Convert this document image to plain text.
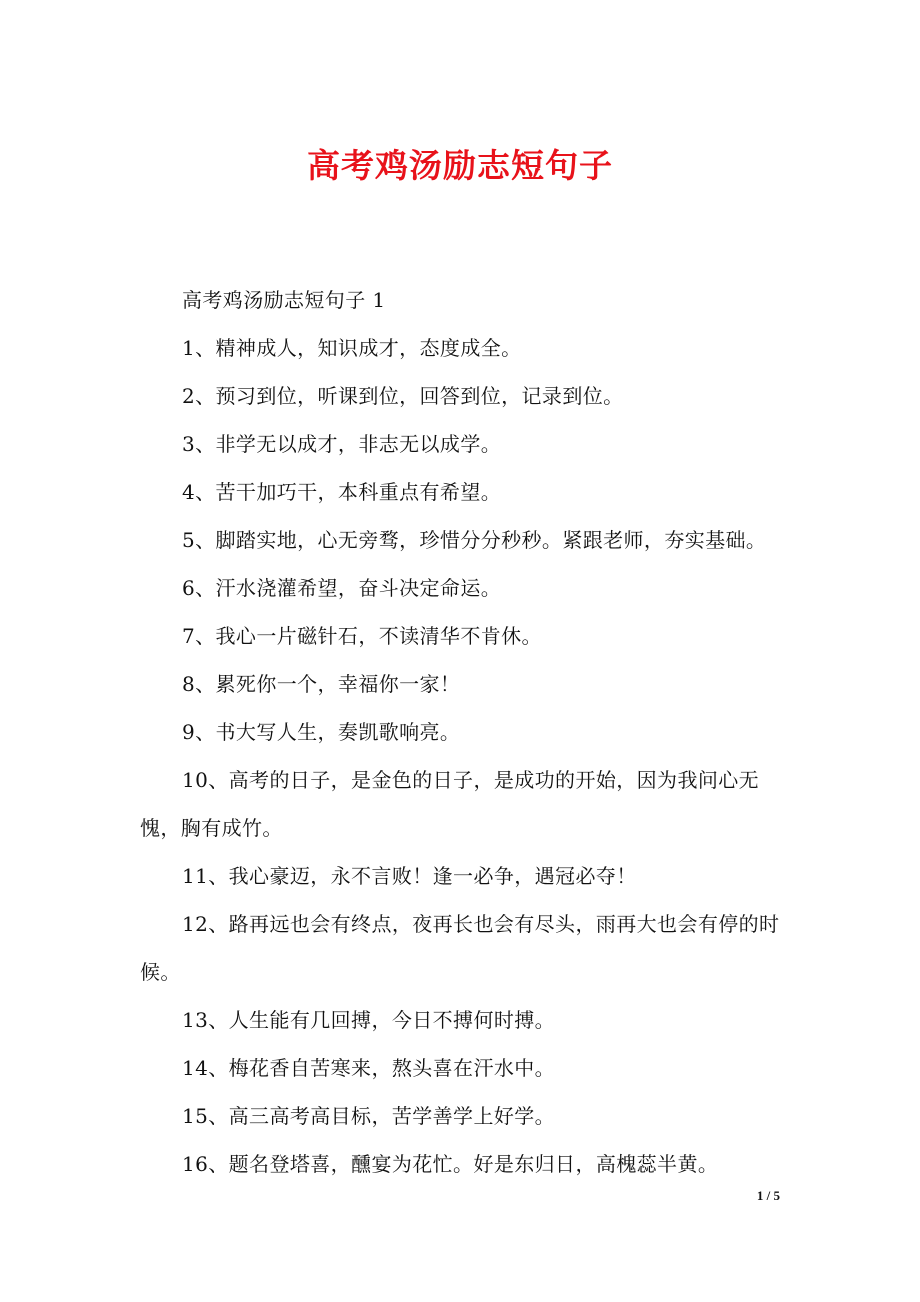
高考鸡汤励志短句子

高考鸡汤励志短句子 1

1、精神成人，知识成才，态度成全。

2、预习到位，听课到位，回答到位，记录到位。

3、非学无以成才，非志无以成学。

4、苦干加巧干，本科重点有希望。

5、脚踏实地，心无旁骛，珍惜分分秒秒。紧跟老师，夯实基础。

6、汗水浇灌希望，奋斗决定命运。

7、我心一片磁针石，不读清华不肯休。

8、累死你一个，幸福你一家！

9、书大写人生，奏凯歌响亮。

10、高考的日子，是金色的日子，是成功的开始，因为我问心无愧，胸有成竹。

11、我心豪迈，永不言败！逢一必争，遇冠必夺！

12、路再远也会有终点，夜再长也会有尽头，雨再大也会有停的时候。

13、人生能有几回搏，今日不搏何时搏。

14、梅花香自苦寒来，熬头喜在汗水中。

15、高三高考高目标，苦学善学上好学。

16、题名登塔喜，醺宴为花忙。好是东归日，高槐蕊半黄。

1 / 5
